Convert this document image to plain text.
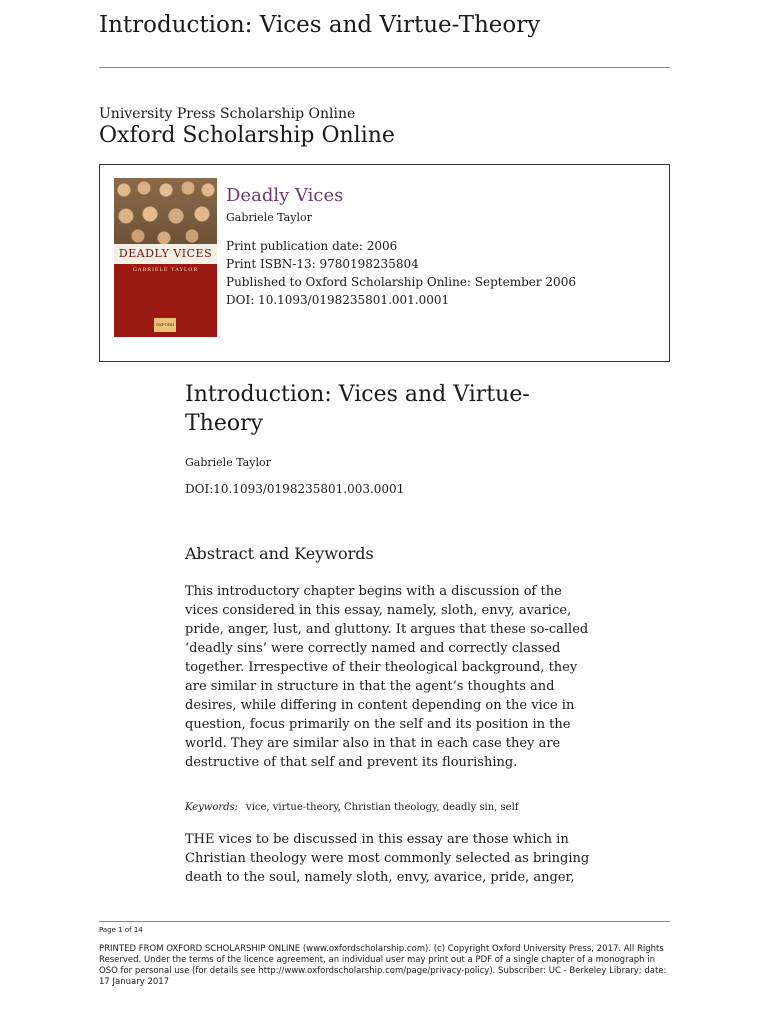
Introduction: Vices and Virtue-Theory
University Press Scholarship Online
Oxford Scholarship Online
DEADLY VICES
GABRIELE TAYLOR
OXFORD
Deadly Vices
Gabriele Taylor
Print publication date: 2006
Print ISBN-13: 9780198235804
Published to Oxford Scholarship Online: September 2006
DOI: 10.1093/0198235801.001.0001
Introduction: Vices and Virtue-
Theory
Gabriele Taylor
DOI:10.1093/0198235801.003.0001
Abstract and Keywords
This introductory chapter begins with a discussion of the vices considered in this essay, namely, sloth, envy, avarice, pride, anger, lust, and gluttony. It argues that these so-called ‘deadly sins’ were correctly named and correctly classed together. Irrespective of their theological background, they are similar in structure in that the agent’s thoughts and desires, while differing in content depending on the vice in question, focus primarily on the self and its position in the world. They are similar also in that in each case they are destructive of that self and prevent its flourishing.
Keywords: vice, virtue-theory, Christian theology, deadly sin, self
THE vices to be discussed in this essay are those which in Christian theology were most commonly selected as bringing death to the soul, namely sloth, envy, avarice, pride, anger,
Page 1 of 14
PRINTED FROM OXFORD SCHOLARSHIP ONLINE (www.oxfordscholarship.com). (c) Copyright Oxford University Press, 2017. All Rights Reserved. Under the terms of the licence agreement, an individual user may print out a PDF of a single chapter of a monograph in OSO for personal use (for details see http://www.oxfordscholarship.com/page/privacy-policy). Subscriber: UC - Berkeley Library; date: 17 January 2017
